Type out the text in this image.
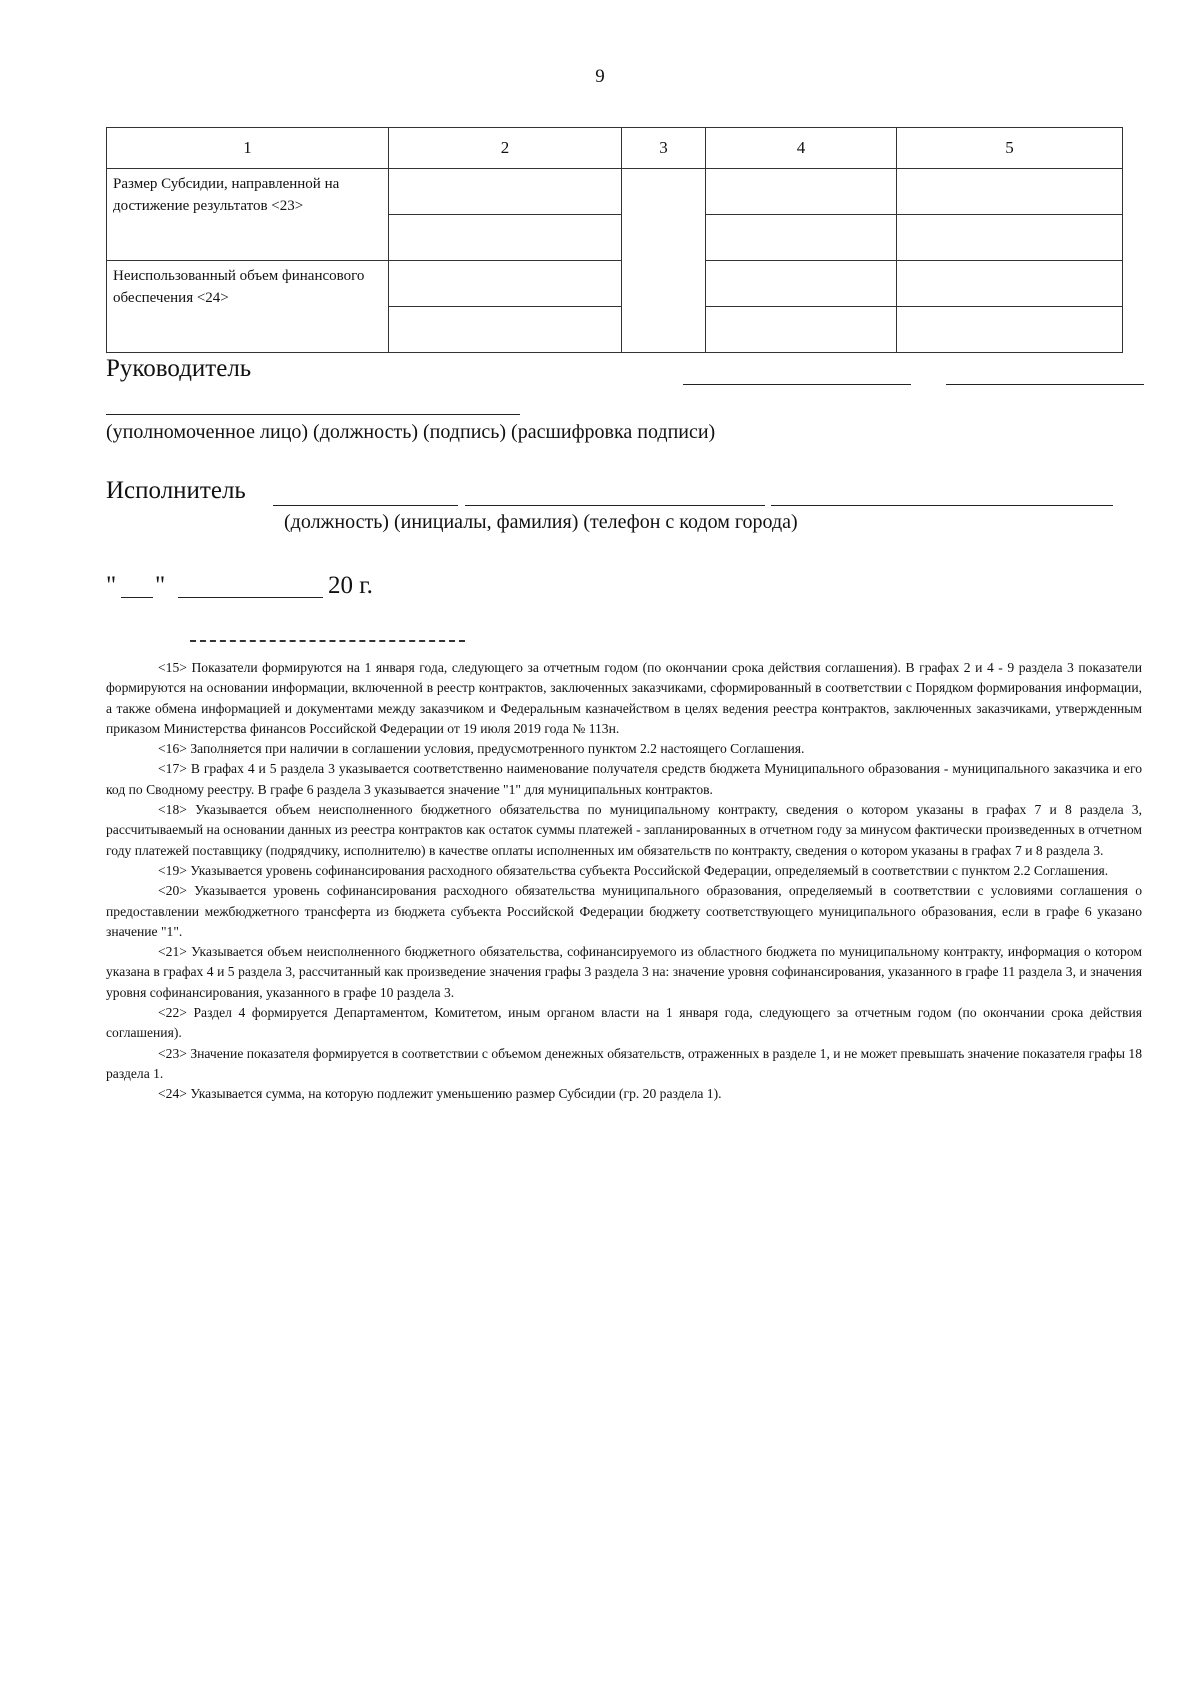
9
1	2	3	4	5
Размер Субсидии, направленной на достижение результатов <23>				

Неиспользованный объем финансового обеспечения <24>				

Руководитель
(уполномоченное лицо) (должность) (подпись) (расшифровка подписи)
Исполнитель
(должность) (инициалы, фамилия) (телефон с кодом города)
" "	20 г.

<15> Показатели формируются на 1 января года, следующего за отчетным годом (по окончании срока действия соглашения). В графах 2 и 4 - 9 раздела 3 показатели формируются на основании информации, включенной в реестр контрактов, заключенных заказчиками, сформированный в соответствии с Порядком формирования информации, а также обмена информацией и документами между заказчиком и Федеральным казначейством в целях ведения реестра контрактов, заключенных заказчиками, утвержденным приказом Министерства финансов Российской Федерации от 19 июля 2019 года № 113н.

<16> Заполняется при наличии в соглашении условия, предусмотренного пунктом 2.2 настоящего Соглашения.

<17> В графах 4 и 5 раздела 3 указывается соответственно наименование получателя средств бюджета Муниципального образования - муниципального заказчика и его код по Сводному реестру. В графе 6 раздела 3 указывается значение "1" для муниципальных контрактов.

<18> Указывается объем неисполненного бюджетного обязательства по муниципальному контракту, сведения о котором указаны в графах 7 и 8 раздела 3, рассчитываемый на основании данных из реестра контрактов как остаток суммы платежей - запланированных в отчетном году за минусом фактически произведенных в отчетном году платежей поставщику (подрядчику, исполнителю) в качестве оплаты исполненных им обязательств по контракту, сведения о котором указаны в графах 7 и 8 раздела 3.

<19> Указывается уровень софинансирования расходного обязательства субъекта Российской Федерации, определяемый в соответствии с пунктом 2.2 Соглашения.

<20> Указывается уровень софинансирования расходного обязательства муниципального образования, определяемый в соответствии с условиями соглашения о предоставлении межбюджетного трансферта из бюджета субъекта Российской Федерации бюджету соответствующего муниципального образования, если в графе 6 указано значение "1".

<21> Указывается объем неисполненного бюджетного обязательства, софинансируемого из областного бюджета по муниципальному контракту, информация о котором указана в графах 4 и 5 раздела 3, рассчитанный как произведение значения графы 3 раздела 3 на: значение уровня софинансирования, указанного в графе 11 раздела 3, и значения уровня софинансирования, указанного в графе 10 раздела 3.

<22> Раздел 4 формируется Департаментом, Комитетом, иным органом власти на 1 января года, следующего за отчетным годом (по окончании срока действия соглашения).

<23> Значение показателя формируется в соответствии с объемом денежных обязательств, отраженных в разделе 1, и не может превышать значение показателя графы 18 раздела 1.

<24> Указывается сумма, на которую подлежит уменьшению размер Субсидии (гр. 20 раздела 1).
